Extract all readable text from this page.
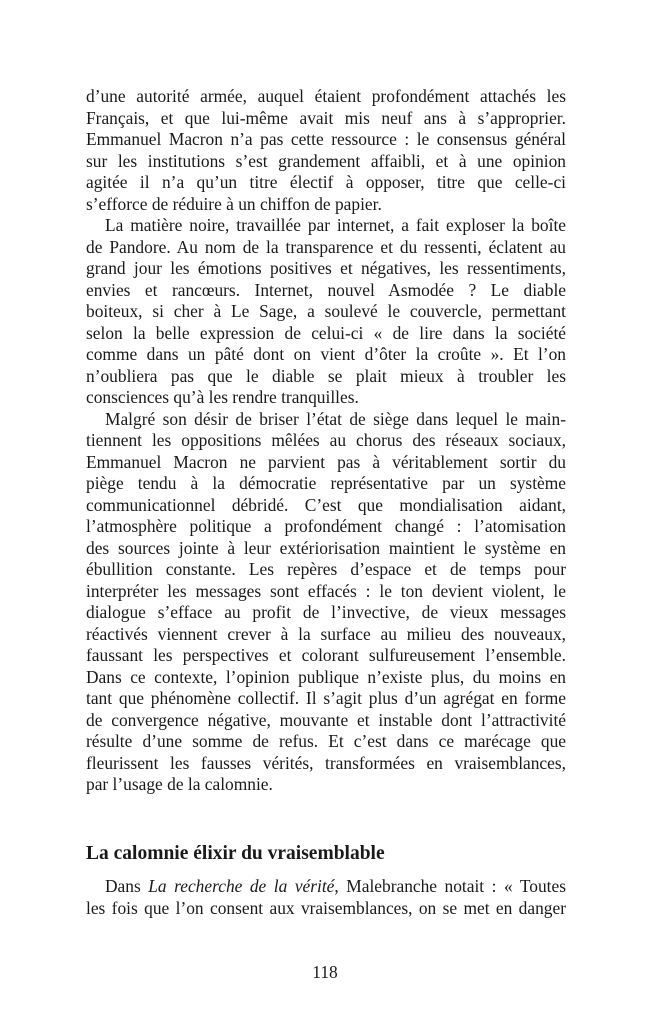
d’une autorité armée, auquel étaient profondément attachés les
Français, et que lui-même avait mis neuf ans à s’approprier.
Emmanuel Macron n’a pas cette ressource : le consensus général
sur les institutions s’est grandement affaibli, et à une opinion
agitée il n’a qu’un titre électif à opposer, titre que celle-ci
s’efforce de réduire à un chiffon de papier.

La matière noire, travaillée par internet, a fait exploser la boîte
de Pandore. Au nom de la transparence et du ressenti, éclatent au
grand jour les émotions positives et négatives, les ressentiments,
envies et rancœurs. Internet, nouvel Asmodée ? Le diable
boiteux, si cher à Le Sage, a soulevé le couvercle, permettant
selon la belle expression de celui-ci « de lire dans la société
comme dans un pâté dont on vient d’ôter la croûte ». Et l’on
n’oubliera pas que le diable se plait mieux à troubler les
consciences qu’à les rendre tranquilles.

Malgré son désir de briser l’état de siège dans lequel le main-
tiennent les oppositions mêlées au chorus des réseaux sociaux,
Emmanuel Macron ne parvient pas à véritablement sortir du
piège tendu à la démocratie représentative par un système
communicationnel débridé. C’est que mondialisation aidant,
l’atmosphère politique a profondément changé : l’atomisation
des sources jointe à leur extériorisation maintient le système en
ébullition constante. Les repères d’espace et de temps pour
interpréter les messages sont effacés : le ton devient violent, le
dialogue s’efface au profit de l’invective, de vieux messages
réactivés viennent crever à la surface au milieu des nouveaux,
faussant les perspectives et colorant sulfureusement l’ensemble.
Dans ce contexte, l’opinion publique n’existe plus, du moins en
tant que phénomène collectif. Il s’agit plus d’un agrégat en forme
de convergence négative, mouvante et instable dont l’attractivité
résulte d’une somme de refus. Et c’est dans ce marécage que
fleurissent les fausses vérités, transformées en vraisemblances,
par l’usage de la calomnie.

La calomnie élixir du vraisemblable
Dans La recherche de la vérité, Malebranche notait : « Toutes
les fois que l’on consent aux vraisemblances, on se met en danger
118
